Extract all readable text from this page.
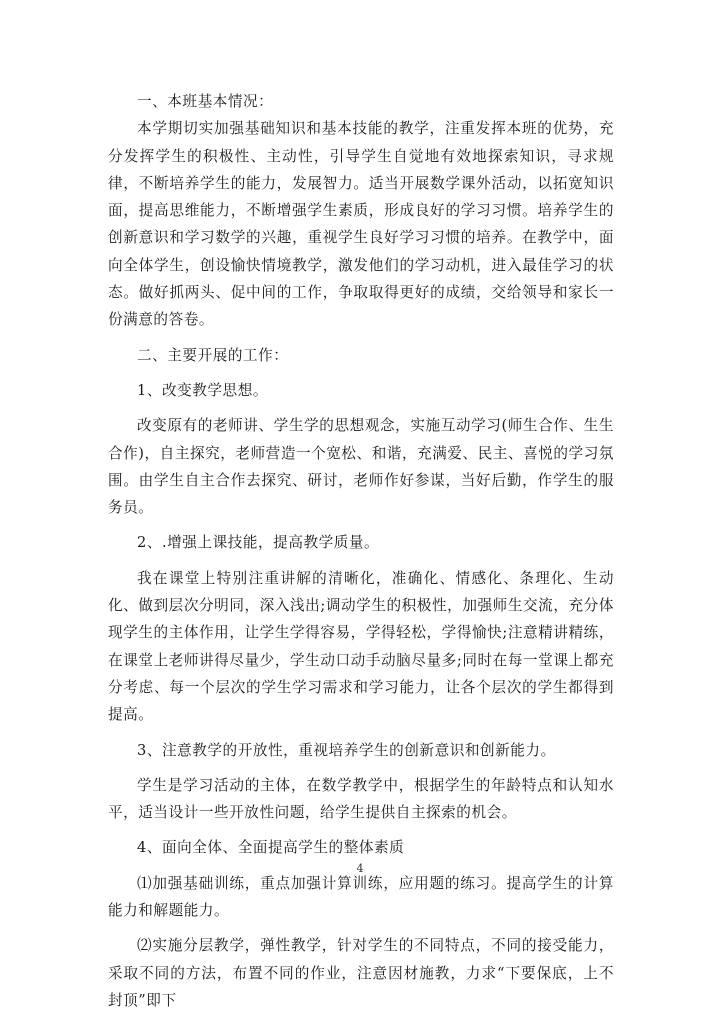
一、本班基本情况：

本学期切实加强基础知识和基本技能的教学，注重发挥本班的优势，充分发挥学生的积极性、主动性，引导学生自觉地有效地探索知识，寻求规律，不断培养学生的能力，发展智力。适当开展数学课外活动，以拓宽知识面，提高思维能力，不断增强学生素质，形成良好的学习习惯。培养学生的创新意识和学习数学的兴趣，重视学生良好学习习惯的培养。在教学中，面向全体学生，创设愉快情境教学，激发他们的学习动机，进入最佳学习的状态。做好抓两头、促中间的工作，争取取得更好的成绩，交给领导和家长一份满意的答卷。

二、主要开展的工作：

1、改变教学思想。

改变原有的老师讲、学生学的思想观念，实施互动学习(师生合作、生生合作)，自主探究，老师营造一个宽松、和谐，充满爱、民主、喜悦的学习氛围。由学生自主合作去探究、研讨，老师作好参谋，当好后勤，作学生的服务员。

2、.增强上课技能，提高教学质量。

我在课堂上特别注重讲解的清晰化，准确化、情感化、条理化、生动化、做到层次分明同，深入浅出;调动学生的积极性，加强师生交流，充分体现学生的主体作用，让学生学得容易，学得轻松，学得愉快;注意精讲精练，在课堂上老师讲得尽量少，学生动口动手动脑尽量多;同时在每一堂课上都充分考虑、每一个层次的学生学习需求和学习能力，让各个层次的学生都得到提高。

3、注意教学的开放性，重视培养学生的创新意识和创新能力。

学生是学习活动的主体，在数学教学中，根据学生的年龄特点和认知水平，适当设计一些开放性问题，给学生提供自主探索的机会。

4、面向全体、全面提高学生的整体素质

⑴加强基础训练，重点加强计算训练，应用题的练习。提高学生的计算能力和解题能力。

⑵实施分层教学，弹性教学，针对学生的不同特点，不同的接受能力，采取不同的方法，布置不同的作业，注意因材施教，力求“下要保底，上不封顶”即下

4
